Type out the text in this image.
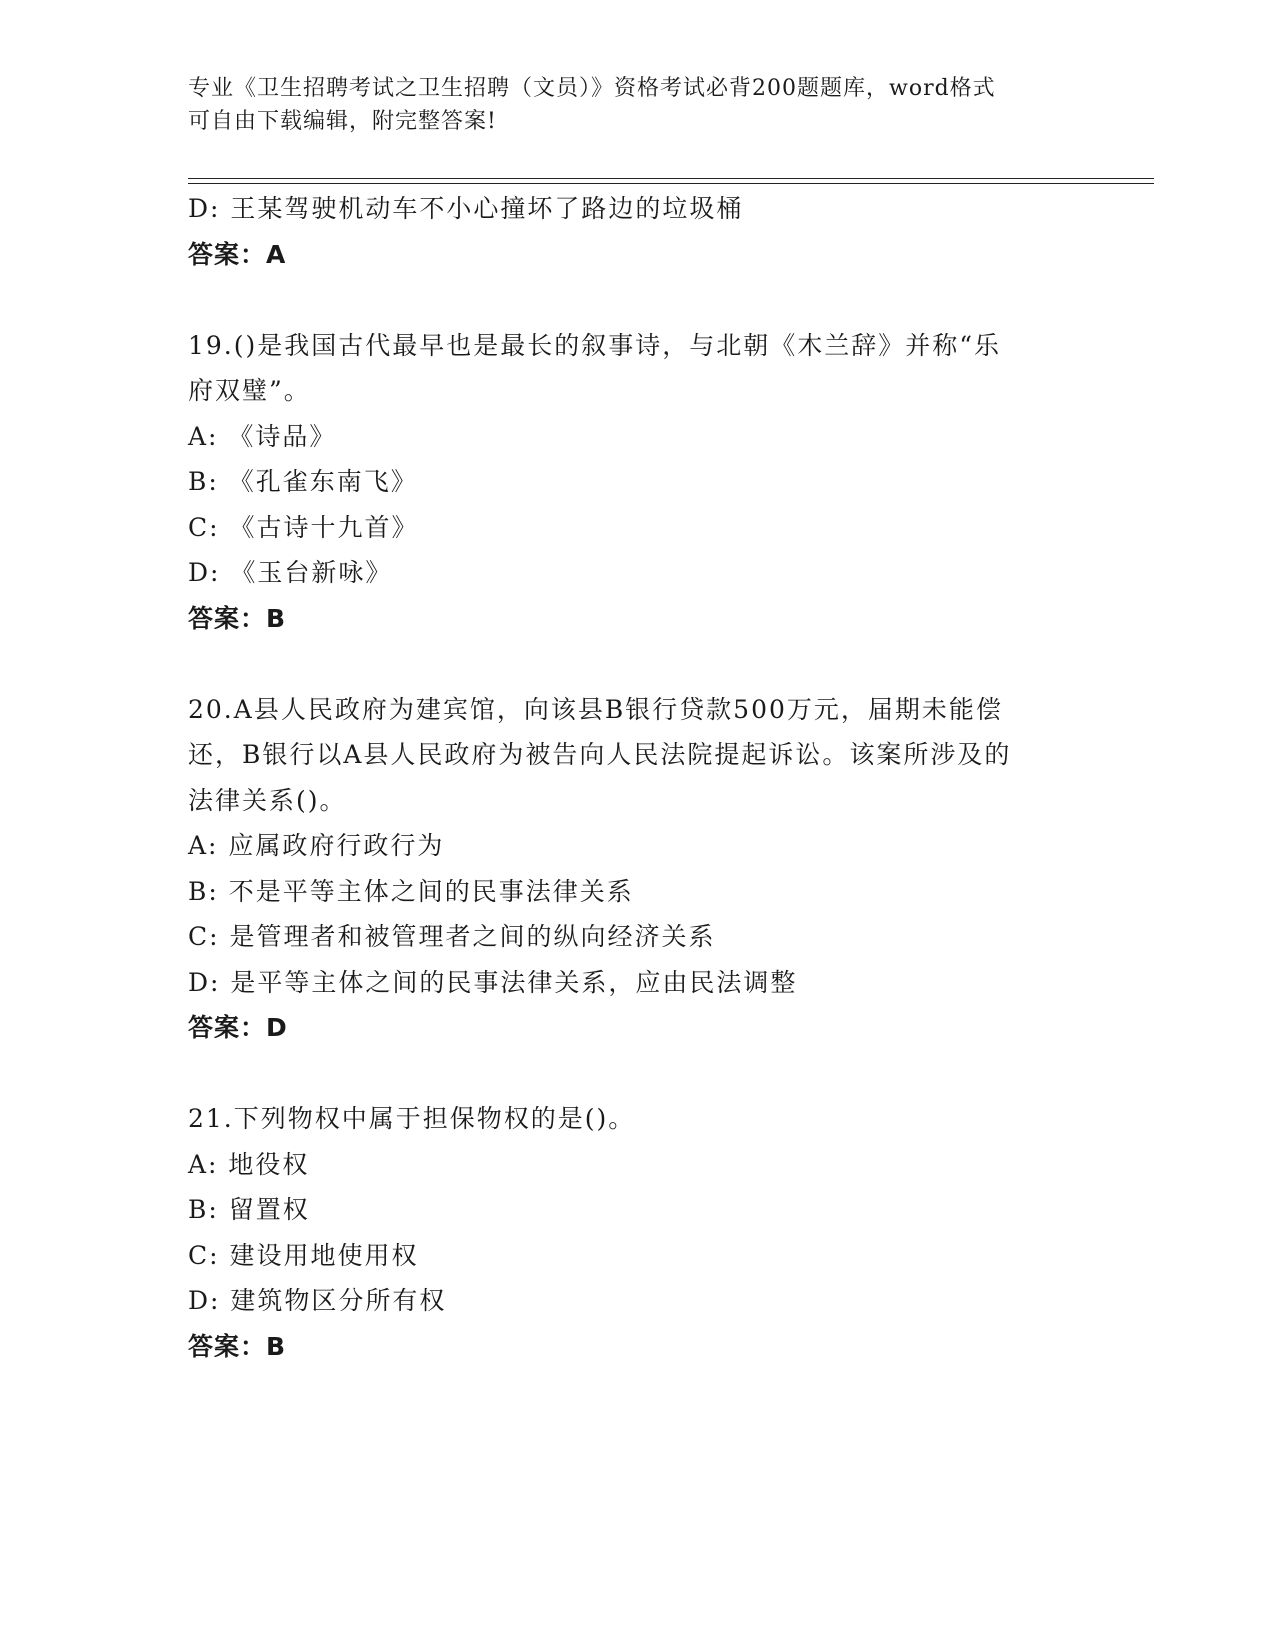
专业《卫生招聘考试之卫生招聘（文员）》资格考试必背200题题库，word格式
可自由下载编辑，附完整答案!
D: 王某驾驶机动车不小心撞坏了路边的垃圾桶
答案：A
19.()是我国古代最早也是最长的叙事诗，与北朝《木兰辞》并称“乐
府双璧”。
A: 《诗品》
B: 《孔雀东南飞》
C: 《古诗十九首》
D: 《玉台新咏》
答案：B
20.A县人民政府为建宾馆，向该县B银行贷款500万元，届期未能偿
还，B银行以A县人民政府为被告向人民法院提起诉讼。该案所涉及的
法律关系()。
A: 应属政府行政行为
B: 不是平等主体之间的民事法律关系
C: 是管理者和被管理者之间的纵向经济关系
D: 是平等主体之间的民事法律关系，应由民法调整
答案：D
21.下列物权中属于担保物权的是()。
A: 地役权
B: 留置权
C: 建设用地使用权
D: 建筑物区分所有权
答案：B
